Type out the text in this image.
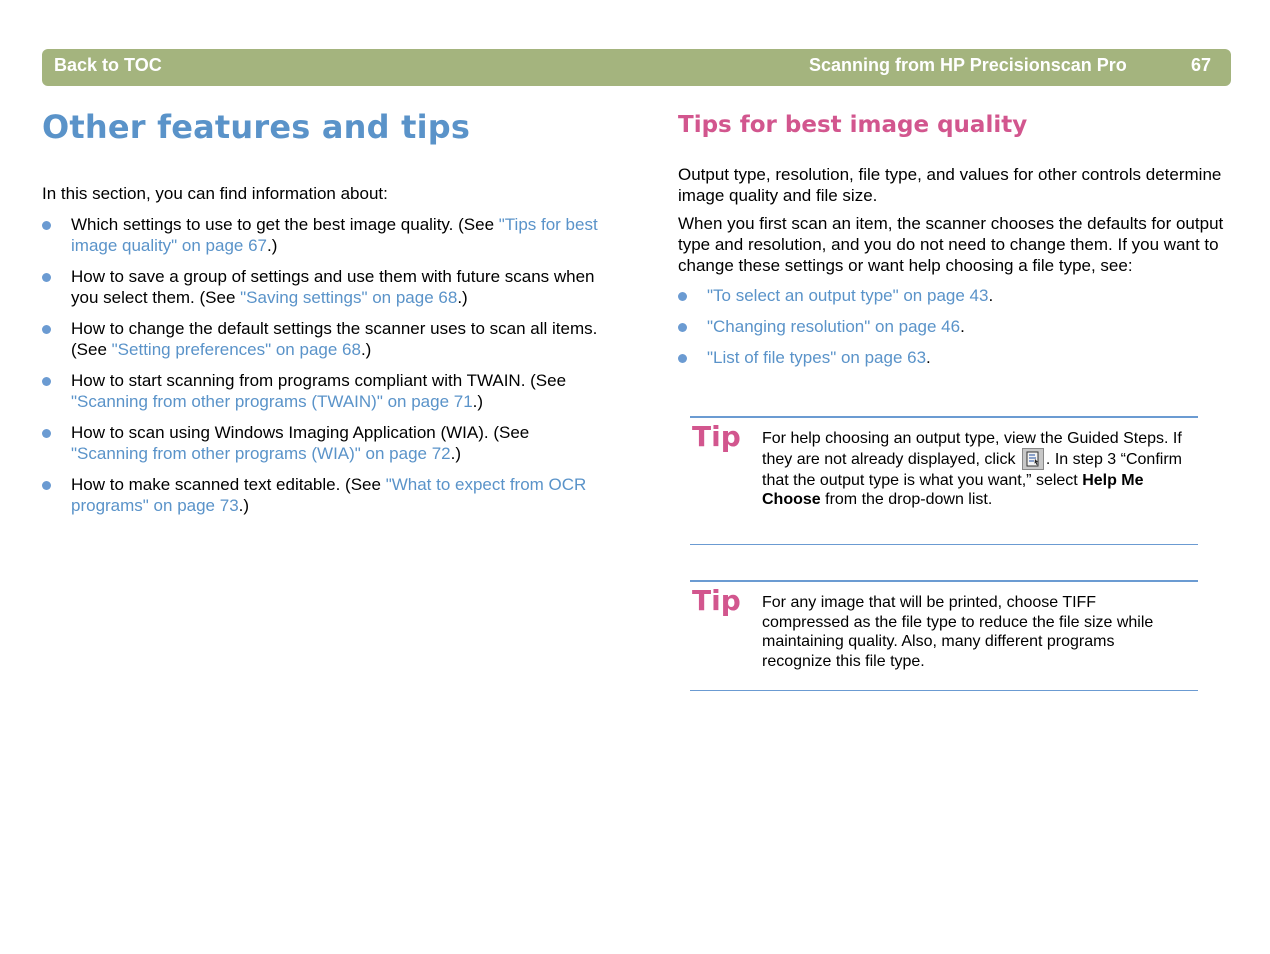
Back to TOC	Scanning from HP Precisionscan Pro	67
Other features and tips

In this section, you can find information about:

Which settings to use to get the best image quality. (See "Tips for best image quality" on page 67.)
How to save a group of settings and use them with future scans when you select them. (See "Saving settings" on page 68.)
How to change the default settings the scanner uses to scan all items. (See "Setting preferences" on page 68.)
How to start scanning from programs compliant with TWAIN. (See "Scanning from other programs (TWAIN)" on page 71.)
How to scan using Windows Imaging Application (WIA). (See "Scanning from other programs (WIA)" on page 72.)
How to make scanned text editable. (See "What to expect from OCR programs" on page 73.)
Tips for best image quality

Output type, resolution, file type, and values for other controls determine image quality and file size.

When you first scan an item, the scanner chooses the defaults for output type and resolution, and you do not need to change them. If you want to change these settings or want help choosing a file type, see:

"To select an output type" on page 43.
"Changing resolution" on page 46.
"List of file types" on page 63.
Tip For help choosing an output type, view the Guided Steps. If they are not already displayed, click
. In step 3 “Confirm that the output type is what you want,” select Help Me Choose from the drop-down list.
Tip For any image that will be printed, choose TIFF compressed as the file type to reduce the file size while maintaining quality. Also, many different programs recognize this file type.
